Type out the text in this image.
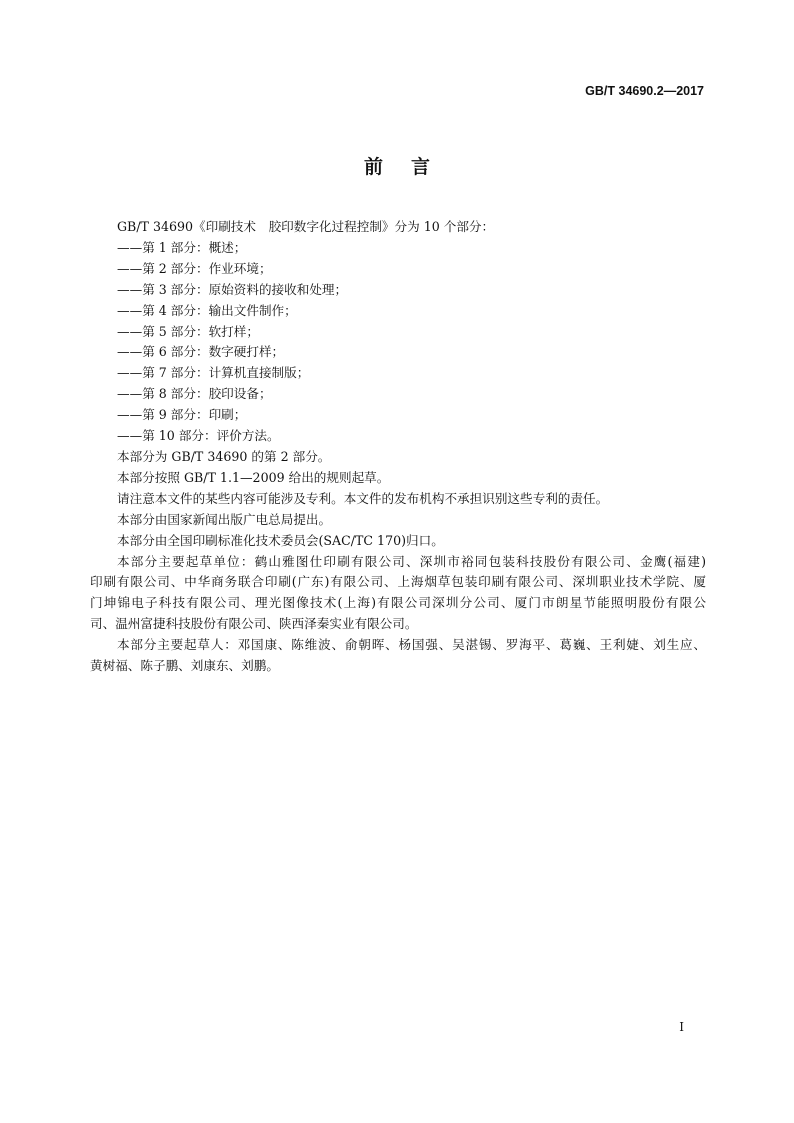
GB/T 34690.2—2017
前言
GB/T 34690《印刷技术　胶印数字化过程控制》分为 10 个部分：
——第 1 部分：概述；
——第 2 部分：作业环境；
——第 3 部分：原始资料的接收和处理；
——第 4 部分：输出文件制作；
——第 5 部分：软打样；
——第 6 部分：数字硬打样；
——第 7 部分：计算机直接制版；
——第 8 部分：胶印设备；
——第 9 部分：印刷；
——第 10 部分：评价方法。
本部分为 GB/T 34690 的第 2 部分。
本部分按照 GB/T 1.1—2009 给出的规则起草。
请注意本文件的某些内容可能涉及专利。本文件的发布机构不承担识别这些专利的责任。
本部分由国家新闻出版广电总局提出。
本部分由全国印刷标准化技术委员会(SAC/TC 170)归口。
本部分主要起草单位：鹤山雅图仕印刷有限公司、深圳市裕同包装科技股份有限公司、金鹰(福建)
印刷有限公司、中华商务联合印刷(广东)有限公司、上海烟草包装印刷有限公司、深圳职业技术学院、厦
门坤锦电子科技有限公司、理光图像技术(上海)有限公司深圳分公司、厦门市朗星节能照明股份有限公
司、温州富捷科技股份有限公司、陕西泽秦实业有限公司。
本部分主要起草人：邓国康、陈维波、俞朝晖、杨国强、吴湛锡、罗海平、葛巍、王利婕、刘生应、
黄树福、陈子鹏、刘康东、刘鹏。
I
